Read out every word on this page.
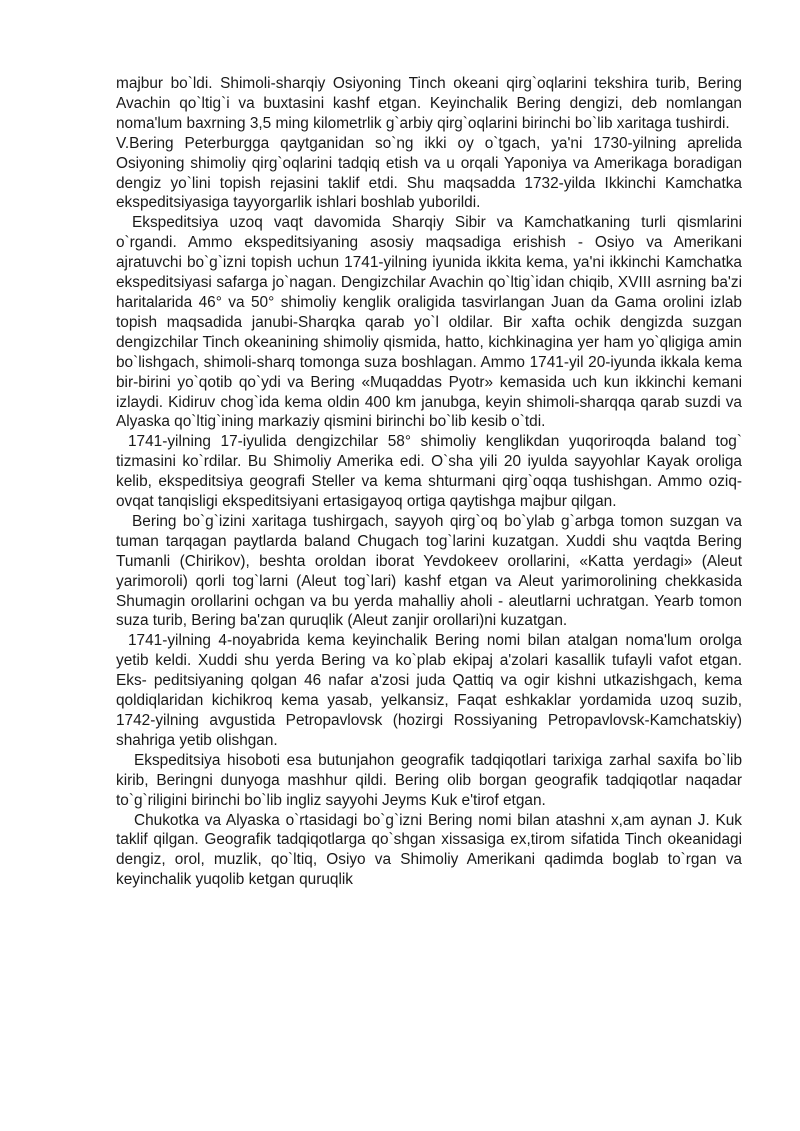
majbur bo`ldi. Shimoli-sharqiy Osiyoning Tinch okeani qirg`oqlarini tekshira turib, Bering Avachin qo`ltig`i va buxtasini kashf etgan. Keyinchalik Bering dengizi, deb nomlangan noma'lum baxrning 3,5 ming kilometrlik g`arbiy qirg`oqlarini birinchi bo`lib xaritaga tushirdi.

V.Bering Peterburgga qaytganidan so`ng ikki oy o`tgach, ya'ni 1730-yilning aprelida Osiyoning shimoliy qirg`oqlarini tadqiq etish va u orqali Yaponiya va Amerikaga boradigan dengiz yo`lini topish rejasini taklif etdi. Shu maqsadda 1732-yilda Ikkinchi Kamchatka ekspeditsiyasiga tayyorgarlik ishlari boshlab yuborildi.

Ekspeditsiya uzoq vaqt davomida Sharqiy Sibir va Kamchatkaning turli qismlarini o`rgandi. Ammo ekspeditsiyaning asosiy maqsadiga erishish - Osiyo va Amerikani ajratuvchi bo`g`izni topish uchun 1741-yilning iyunida ikkita kema, ya'ni ikkinchi Kamchatka ekspeditsiyasi safarga jo`nagan. Dengizchilar Avachin qo`ltig`idan chiqib, XVIII asrning ba'zi haritalarida 46° va 50° shimoliy kenglik oraligida tasvirlangan Juan da Gama orolini izlab topish maqsadida janubi-Sharqka qarab yo`l oldilar. Bir xafta ochik dengizda suzgan dengizchilar Tinch okeanining shimoliy qismida, hatto, kichkinagina yer ham yo`qligiga amin bo`lishgach, shimoli-sharq tomonga suza boshlagan. Ammo 1741-yil 20-iyunda ikkala kema bir-birini yo`qotib qo`ydi va Bering «Muqaddas Pyotr» kemasida uch kun ikkinchi kemani izlaydi. Kidiruv chog`ida kema oldin 400 km janubga, keyin shimoli-sharqqa qarab suzdi va Alyaska qo`ltig`ining markaziy qismini birinchi bo`lib kesib o`tdi.

1741-yilning 17-iyulida dengizchilar 58° shimoliy kenglikdan yuqoriroqda baland tog` tizmasini ko`rdilar. Bu Shimoliy Amerika edi. O`sha yili 20 iyulda sayyohlar Kayak oroliga kelib, ekspeditsiya geografi Steller va kema shturmani qirg`oqqa tushishgan. Ammo oziq-ovqat tanqisligi ekspeditsiyani ertasigayoq ortiga qaytishga majbur qilgan.

Bering bo`g`izini xaritaga tushirgach, sayyoh qirg`oq bo`ylab g`arbga tomon suzgan va tuman tarqagan paytlarda baland Chugach tog`larini kuzatgan. Xuddi shu vaqtda Bering Tumanli (Chirikov), beshta oroldan iborat Yevdokeev orollarini, «Katta yerdagi» (Aleut yarimoroli) qorli tog`larni (Aleut tog`lari) kashf etgan va Aleut yarimorolining chekkasida Shumagin orollarini ochgan va bu yerda mahalliy aholi - aleutlarni uchratgan. Yearb tomon suza turib, Bering ba'zan quruqlik (Aleut zanjir orollari)ni kuzatgan.

1741-yilning 4-noyabrida kema keyinchalik Bering nomi bilan atalgan noma'lum orolga yetib keldi. Xuddi shu yerda Bering va ko`plab ekipaj a'zolari kasallik tufayli vafot etgan. Eks- peditsiyaning qolgan 46 nafar a'zosi juda Qattiq va ogir kishni utkazishgach, kema qoldiqlaridan kichikroq kema yasab, yelkansiz, Faqat eshkaklar yordamida uzoq suzib, 1742-yilning avgustida Petropavlovsk (hozirgi Rossiyaning Petropavlovsk-Kamchatskiy) shahriga yetib olishgan.

Ekspeditsiya hisoboti esa butunjahon geografik tadqiqotlari tarixiga zarhal saxifa bo`lib kirib, Beringni dunyoga mashhur qildi. Bering olib borgan geografik tadqiqotlar naqadar to`g`riligini birinchi bo`lib ingliz sayyohi Jeyms Kuk e'tirof etgan.

Chukotka va Alyaska o`rtasidagi bo`g`izni Bering nomi bilan atashni x,am aynan J. Kuk taklif qilgan. Geografik tadqiqotlarga qo`shgan xissasiga ex,tirom sifatida Tinch okeanidagi dengiz, orol, muzlik, qo`ltiq, Osiyo va Shimoliy Amerikani qadimda boglab to`rgan va keyinchalik yuqolib ketgan quruqlik
